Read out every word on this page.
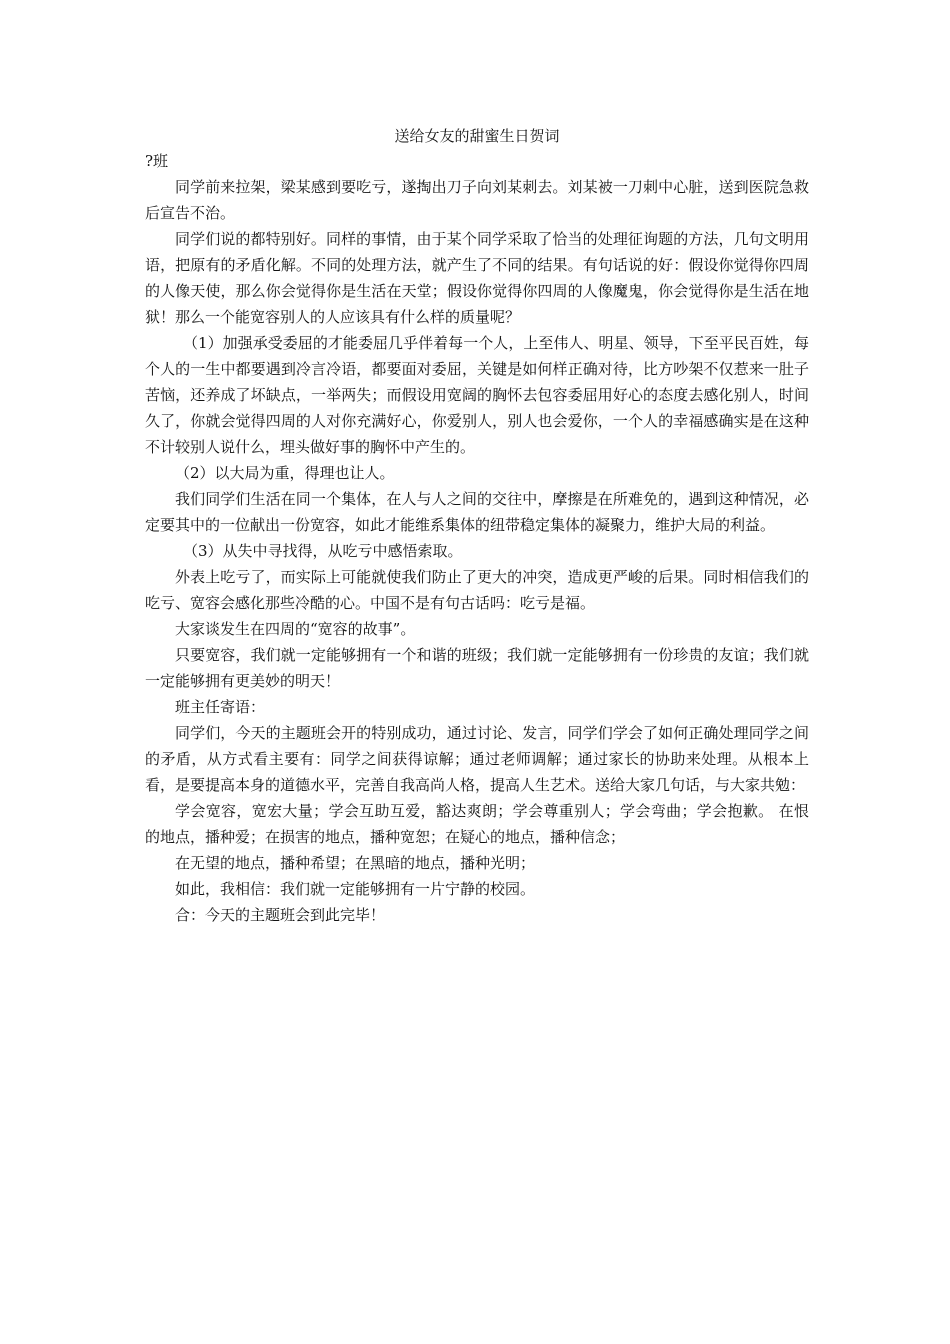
送给女友的甜蜜生日贺词

?班

同学前来拉架，梁某感到要吃亏，遂掏出刀子向刘某刺去。刘某被一刀刺中心脏，送到医院急救后宣告不治。

同学们说的都特别好。同样的事情，由于某个同学采取了恰当的处理征询题的方法，几句文明用语，把原有的矛盾化解。不同的处理方法，就产生了不同的结果。有句话说的好：假设你觉得你四周的人像天使，那么你会觉得你是生活在天堂；假设你觉得你四周的人像魔鬼，你会觉得你是生活在地狱！那么一个能宽容别人的人应该具有什么样的质量呢？

（1）加强承受委屈的才能委屈几乎伴着每一个人，上至伟人、明星、领导，下至平民百姓，每个人的一生中都要遇到冷言冷语，都要面对委屈，关键是如何样正确对待，比方吵架不仅惹来一肚子苦恼，还养成了坏缺点，一举两失；而假设用宽阔的胸怀去包容委屈用好心的态度去感化别人，时间久了，你就会觉得四周的人对你充满好心，你爱别人，别人也会爱你，一个人的幸福感确实是在这种不计较别人说什么，埋头做好事的胸怀中产生的。

（2）以大局为重，得理也让人。

我们同学们生活在同一个集体，在人与人之间的交往中，摩擦是在所难免的，遇到这种情况，必定要其中的一位献出一份宽容，如此才能维系集体的纽带稳定集体的凝聚力，维护大局的利益。

（3）从失中寻找得，从吃亏中感悟索取。

外表上吃亏了，而实际上可能就使我们防止了更大的冲突，造成更严峻的后果。同时相信我们的吃亏、宽容会感化那些冷酷的心。中国不是有句古话吗：吃亏是福。

大家谈发生在四周的“宽容的故事”。

只要宽容，我们就一定能够拥有一个和谐的班级；我们就一定能够拥有一份珍贵的友谊；我们就一定能够拥有更美妙的明天！

班主任寄语：

同学们，今天的主题班会开的特别成功，通过讨论、发言，同学们学会了如何正确处理同学之间的矛盾，从方式看主要有：同学之间获得谅解；通过老师调解；通过家长的协助来处理。从根本上看，是要提高本身的道德水平，完善自我高尚人格，提高人生艺术。送给大家几句话，与大家共勉：

学会宽容，宽宏大量；学会互助互爱，豁达爽朗；学会尊重别人；学会弯曲；学会抱歉。 在恨的地点，播种爱；在损害的地点，播种宽恕；在疑心的地点，播种信念；

在无望的地点，播种希望；在黑暗的地点，播种光明；

如此，我相信：我们就一定能够拥有一片宁静的校园。

合：今天的主题班会到此完毕！
